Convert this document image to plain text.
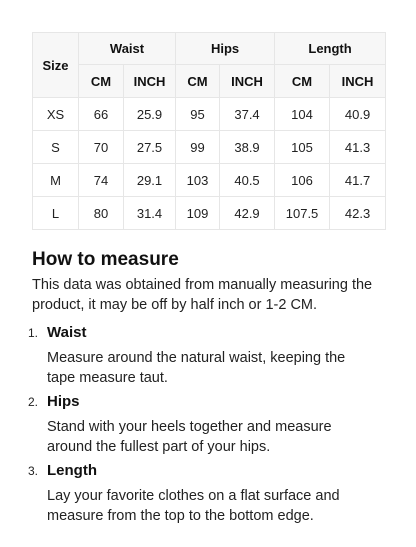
Size	Waist		Hips		Length	
	CM	INCH	CM	INCH	CM	INCH
XS	66	25.9	95	37.4	104	40.9
S	70	27.5	99	38.9	105	41.3
M	74	29.1	103	40.5	106	41.7
L	80	31.4	109	42.9	107.5	42.3
How to measure

This data was obtained from manually measuring the product, it may be off by half inch or 1-2 CM.

1. Waist
Measure around the natural waist, keeping the tape measure taut.
2. Hips
Stand with your heels together and measure around the fullest part of your hips.
3. Length
Lay your favorite clothes on a flat surface and measure from the top to the bottom edge.
